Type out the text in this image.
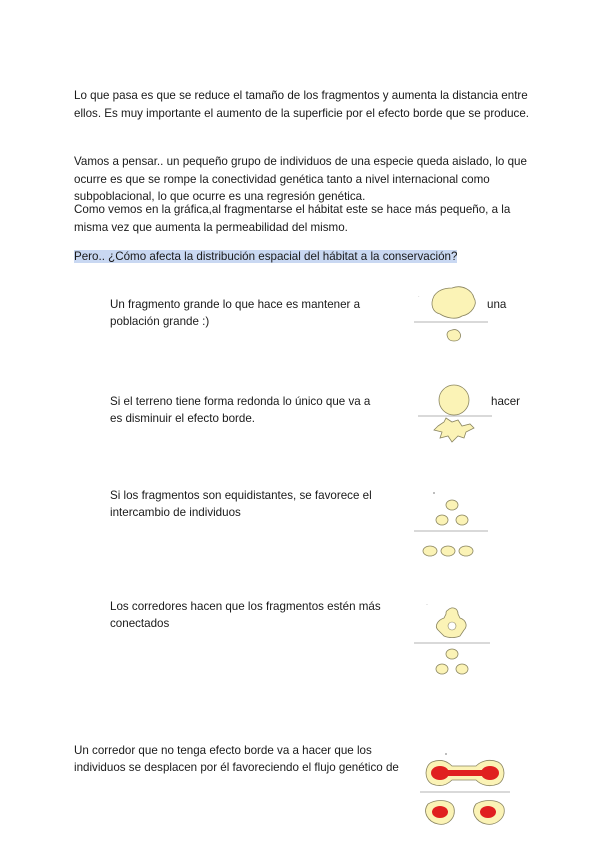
Lo que pasa es que se reduce el tamaño de los fragmentos y aumenta la distancia entre ellos. Es muy importante el aumento de la superficie por el efecto borde que se produce.

Vamos a pensar.. un pequeño grupo de individuos de una especie queda aislado, lo que ocurre es que se rompe la conectividad genética tanto a nivel internacional como subpoblacional, lo que ocurre es una regresión genética.

Como vemos en la gráfica,al fragmentarse el hábitat este se hace más pequeño, a la misma vez que aumenta la permeabilidad del mismo.

Pero.. ¿Cómo afecta la distribución espacial del hábitat a la conservación?

Un fragmento grande lo que hace es mantener a población grande :)

una
·

Si el terreno tiene forma redonda lo único que va a es disminuir el efecto borde.

hacer

Si los fragmentos son equidistantes, se favorece el intercambio de individuos

Los corredores hacen que los fragmentos estén más conectados

·

Un corredor que no tenga efecto borde va a hacer que los individuos se desplacen por él favoreciendo el flujo genético de
